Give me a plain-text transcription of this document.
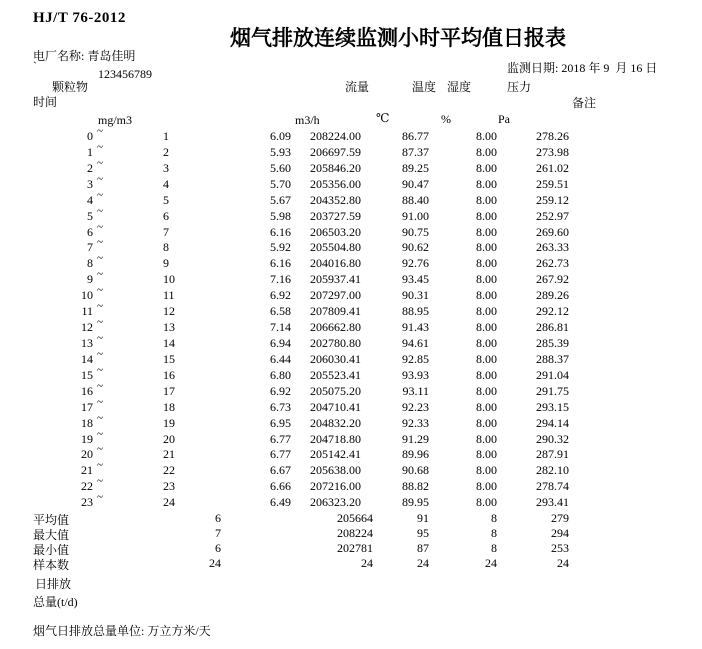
HJ/T 76-2012
烟气排放连续监测小时平均值日报表
电厂名称: 青岛佳明
`
123456789	监测日期: 2018 年 9  月 16 日
颗粒物	流量	温度 湿度	压力
时间	备注
mg/m3	m3/h	℃	%	Pa
0 ~	1	6.09	208224.00	86.77	8.00	278.26
1 ~	2	5.93	206697.59	87.37	8.00	273.98
2 ~	3	5.60	205846.20	89.25	8.00	261.02
3 ~	4	5.70	205356.00	90.47	8.00	259.51
4 ~	5	5.67	204352.80	88.40	8.00	259.12
5 ~	6	5.98	203727.59	91.00	8.00	252.97
6 ~	7	6.16	206503.20	90.75	8.00	269.60
7 ~	8	5.92	205504.80	90.62	8.00	263.33
8 ~	9	6.16	204016.80	92.76	8.00	262.73
9 ~	10	7.16	205937.41	93.45	8.00	267.92
10 ~	11	6.92	207297.00	90.31	8.00	289.26
11 ~	12	6.58	207809.41	88.95	8.00	292.12
12 ~	13	7.14	206662.80	91.43	8.00	286.81
13 ~	14	6.94	202780.80	94.61	8.00	285.39
14 ~	15	6.44	206030.41	92.85	8.00	288.37
15 ~	16	6.80	205523.41	93.93	8.00	291.04
16 ~	17	6.92	205075.20	93.11	8.00	291.75
17 ~	18	6.73	204710.41	92.23	8.00	293.15
18 ~	19	6.95	204832.20	92.33	8.00	294.14
19 ~	20	6.77	204718.80	91.29	8.00	290.32
20 ~	21	6.77	205142.41	89.96	8.00	287.91
21 ~	22	6.67	205638.00	90.68	8.00	282.10
22 ~	23	6.66	207216.00	88.82	8.00	278.74
23 ~	24	6.49	206323.20	89.95	8.00	293.41
平均值	6	205664	91	8	279
最大值	7	208224	95	8	294
最小值	6	202781	87	8	253
样本数	24	24	24	24	24
日排放
总量(t/d)
烟气日排放总量单位: 万立方米/天
